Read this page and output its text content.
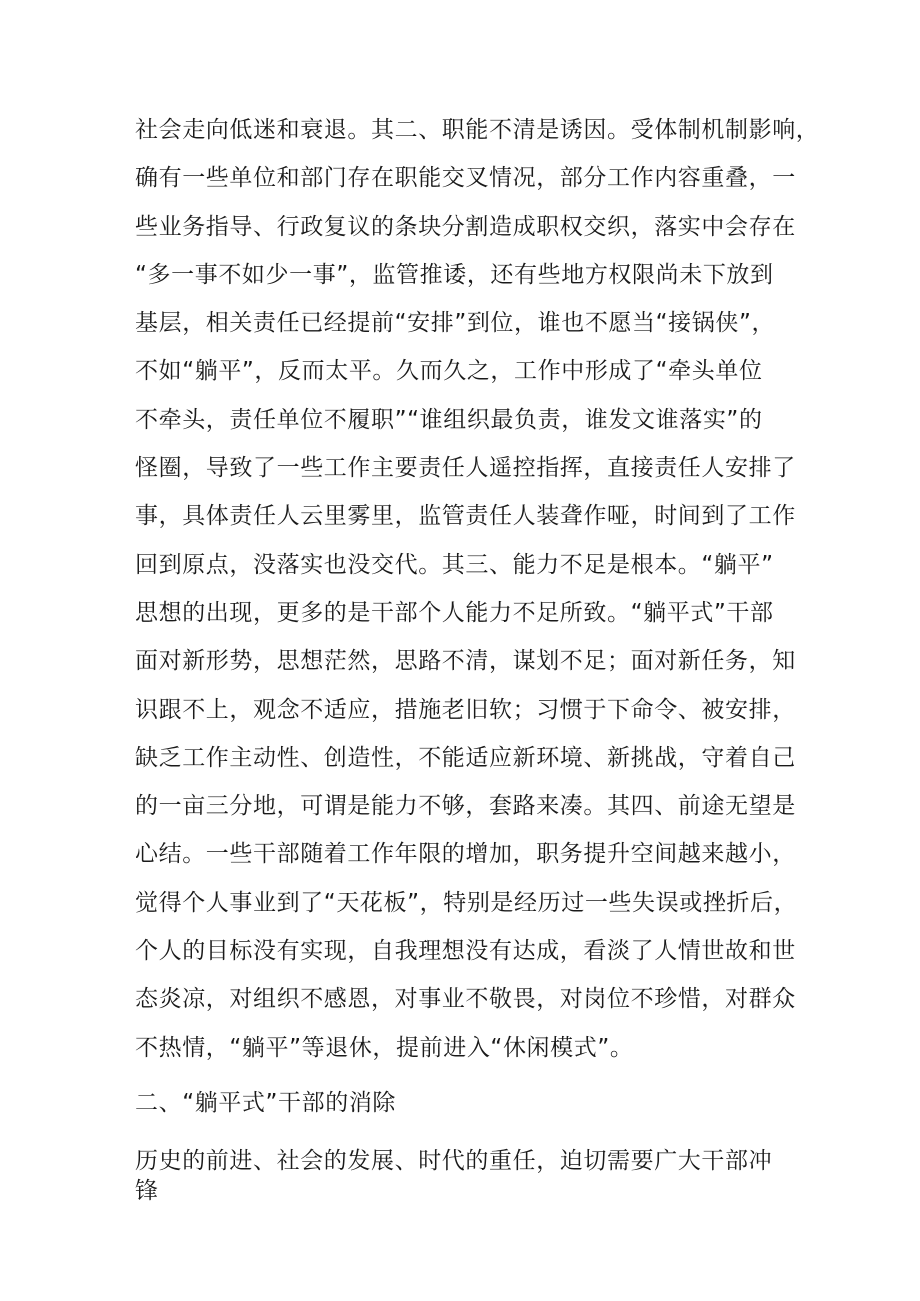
社会走向低迷和衰退。其二、职能不清是诱因。受体制机制影响，
确有一些单位和部门存在职能交叉情况，部分工作内容重叠，一
些业务指导、行政复议的条块分割造成职权交织，落实中会存在
“多一事不如少一事”，监管推诿，还有些地方权限尚未下放到
基层，相关责任已经提前“安排”到位，谁也不愿当“接锅侠”，
不如“躺平”，反而太平。久而久之，工作中形成了“牵头单位
不牵头，责任单位不履职”“谁组织最负责，谁发文谁落实”的
怪圈，导致了一些工作主要责任人遥控指挥，直接责任人安排了
事，具体责任人云里雾里，监管责任人装聋作哑，时间到了工作
回到原点，没落实也没交代。其三、能力不足是根本。“躺平”
思想的出现，更多的是干部个人能力不足所致。“躺平式”干部
面对新形势，思想茫然，思路不清，谋划不足；面对新任务，知
识跟不上，观念不适应，措施老旧软；习惯于下命令、被安排，
缺乏工作主动性、创造性，不能适应新环境、新挑战，守着自己
的一亩三分地，可谓是能力不够，套路来凑。其四、前途无望是
心结。一些干部随着工作年限的增加，职务提升空间越来越小，
觉得个人事业到了“天花板”，特别是经历过一些失误或挫折后，
个人的目标没有实现，自我理想没有达成，看淡了人情世故和世
态炎凉，对组织不感恩，对事业不敬畏，对岗位不珍惜，对群众
不热情，“躺平”等退休，提前进入“休闲模式”。
二、“躺平式”干部的消除
历史的前进、社会的发展、时代的重任，迫切需要广大干部冲锋
